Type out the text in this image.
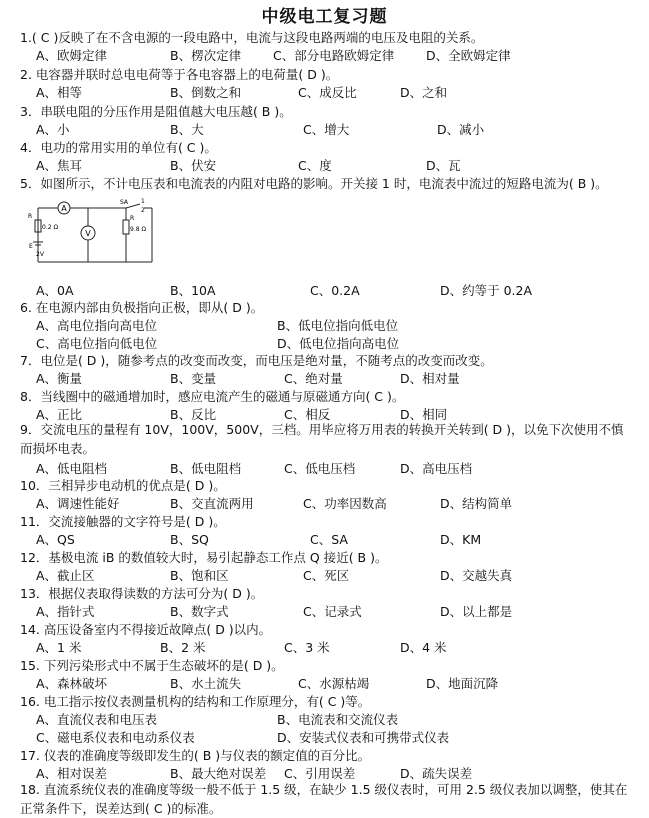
中级电工复习题
1.( C )反映了在不含电源的一段电路中，电流与这段电路两端的电压及电阻的关系。
A、欧姆定律	B、楞次定律	C、部分电路欧姆定律	D、全欧姆定律
2. 电容器并联时总电电荷等于各电容器上的电荷量( D )。
A、相等	B、倒数之和	C、成反比	D、之和
3．串联电阻的分压作用是阻值越大电压越( B )。
A、小	B、大	C、增大	D、减小
4．电功的常用实用的单位有( C )。
A、焦耳	B、伏安	C、度	D、瓦
5．如图所示，不计电压表和电流表的内阻对电路的影响。开关接 1 时，电流表中流过的短路电流为( B )。
A
V
SA 1
2
R
0.2 Ω
R
9.8 Ω
E
2V
A、0A	B、10A	C、0.2A	D、约等于 0.2A
6. 在电源内部由负极指向正极，即从( D )。
A、高电位指向高电位	B、低电位指向低电位
C、高电位指向低电位	D、低电位指向高电位
7．电位是( D )，随参考点的改变而改变，而电压是绝对量，不随考点的改变而改变。
A、衡量	B、变量	C、绝对量	D、相对量
8．当线圈中的磁通增加时，感应电流产生的磁通与原磁通方向( C )。
A、正比	B、反比	C、相反	D、相同
9．交流电压的量程有 10V，100V，500V，三档。用毕应将万用表的转换开关转到( D )，以免下次使用不慎而损坏电表。
A、低电阻档	B、低电阻档	C、低电压档	D、高电压档
10．三相异步电动机的优点是( D )。
A、调速性能好	B、交直流两用	C、功率因数高	D、结构简单
11．交流接触器的文字符号是( D )。
A、QS	B、SQ	C、SA	D、KM
12．基极电流 iB 的数值较大时，易引起静态工作点 Q 接近( B )。
A、截止区	B、饱和区	C、死区	D、交越失真
13．根据仪表取得读数的方法可分为( D )。
A、指针式	B、数字式	C、记录式	D、以上都是
14. 高压设备室内不得接近故障点( D )以内。
A、1 米	B、2 米	C、3 米	D、4 米
15. 下列污染形式中不属于生态破坏的是( D )。
A、森林破坏	B、水土流失	C、水源枯竭	D、地面沉降
16. 电工指示按仪表测量机构的结构和工作原理分，有( C )等。
A、直流仪表和电压表	B、电流表和交流仪表
C、磁电系仪表和电动系仪表	D、安装式仪表和可携带式仪表
17. 仪表的准确度等级即发生的( B )与仪表的额定值的百分比。
A、相对误差	B、最大绝对误差 C、引用误差	D、疏失误差
18. 直流系统仪表的准确度等级一般不低于 1.5 级，在缺少 1.5 级仪表时，可用 2.5 级仪表加以调整，使其在正常条件下，误差达到( C )的标准。
